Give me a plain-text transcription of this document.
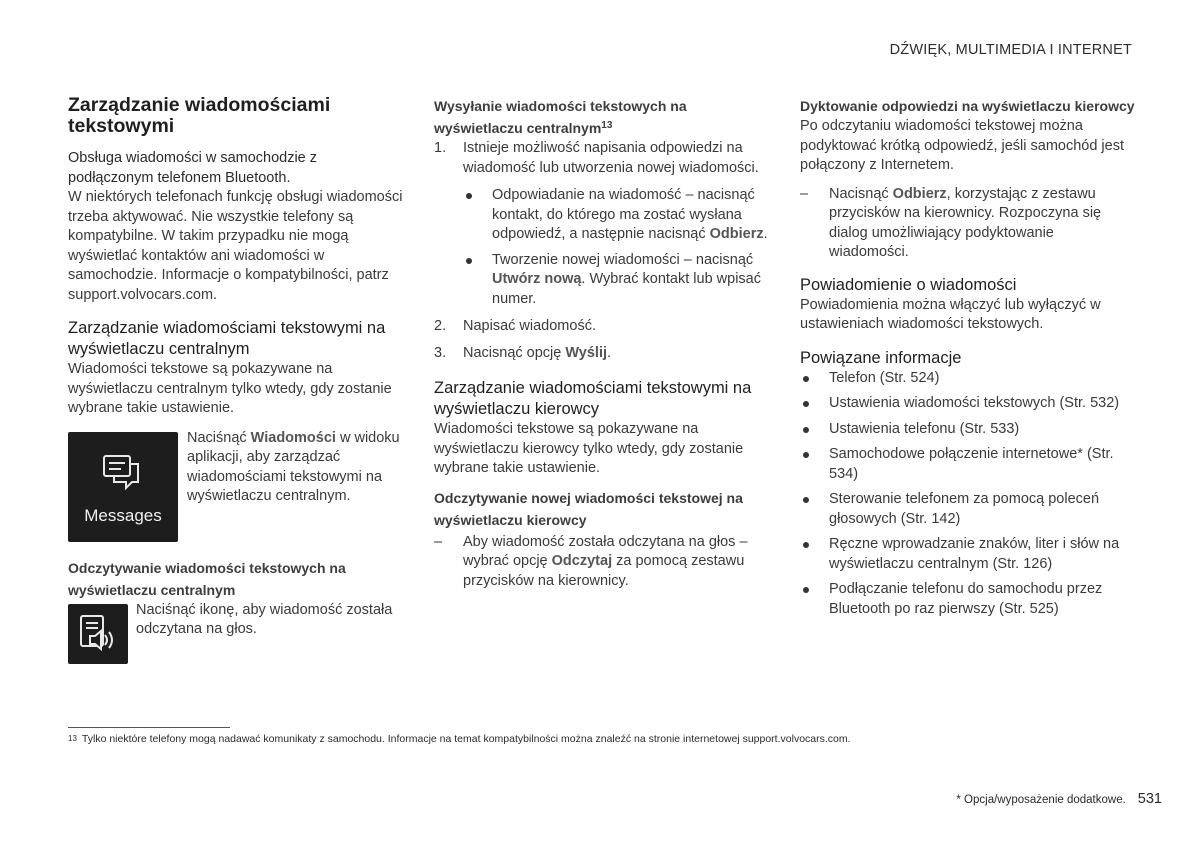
DŹWIĘK, MULTIMEDIA I INTERNET
Zarządzanie wiadomościami tekstowymi

Obsługa wiadomości w samochodzie z podłączonym telefonem Bluetooth.

W niektórych telefonach funkcję obsługi wiadomości trzeba aktywować. Nie wszystkie telefony są kompatybilne. W takim przypadku nie mogą wyświetlać kontaktów ani wiadomości w samochodzie. Informacje o kompatybilności, patrz support.volvocars.com.

Zarządzanie wiadomościami tekstowymi na wyświetlaczu centralnym

Wiadomości tekstowe są pokazywane na wyświetlaczu centralnym tylko wtedy, gdy zostanie wybrane takie ustawienie.

Messages

Naciśnąć Wiadomości w widoku aplikacji, aby zarządzać wiadomościami tekstowymi na wyświetlaczu centralnym.

Odczytywanie wiadomości tekstowych na wyświetlaczu centralnym

Naciśnąć ikonę, aby wiadomość została odczytana na głos.

Wysyłanie wiadomości tekstowych na wyświetlaczu centralnym$^{13}$
1. Istnieje możliwość napisania odpowiedzi na wiadomość lub utworzenia nowej wiadomości.
Odpowiadanie na wiadomość – nacisnąć kontakt, do którego ma zostać wysłana odpowiedź, a następnie nacisnąć Odbierz.
Tworzenie nowej wiadomości – nacisnąć Utwórz nową. Wybrać kontakt lub wpisać numer.
2. Napisać wiadomość.
3. Nacisnąć opcję Wyślij.
Zarządzanie wiadomościami tekstowymi na wyświetlaczu kierowcy

Wiadomości tekstowe są pokazywane na wyświetlaczu kierowcy tylko wtedy, gdy zostanie wybrane takie ustawienie.

Odczytywanie nowej wiadomości tekstowej na wyświetlaczu kierowcy
– Aby wiadomość została odczytana na głos – wybrać opcję Odczytaj za pomocą zestawu przycisków na kierownicy.
Dyktowanie odpowiedzi na wyświetlaczu kierowcy

Po odczytaniu wiadomości tekstowej można podyktować krótką odpowiedź, jeśli samochód jest połączony z Internetem.

– Nacisnąć Odbierz, korzystając z zestawu przycisków na kierownicy. Rozpoczyna się dialog umożliwiający podyktowanie wiadomości.
Powiadomienie o wiadomości

Powiadomienia można włączyć lub wyłączyć w ustawieniach wiadomości tekstowych.

Powiązane informacje
Telefon (Str. 524)
Ustawienia wiadomości tekstowych (Str. 532)
Ustawienia telefonu (Str. 533)
Samochodowe połączenie internetowe* (Str. 534)
Sterowanie telefonem za pomocą poleceń głosowych (Str. 142)
Ręczne wprowadzanie znaków, liter i słów na wyświetlaczu centralnym (Str. 126)
Podłączanie telefonu do samochodu przez Bluetooth po raz pierwszy (Str. 525)
$^{13}$ Tylko niektóre telefony mogą nadawać komunikaty z samochodu. Informacje na temat kompatybilności można znaleźć na stronie internetowej support.volvocars.com.
* Opcja/wyposażenie dodatkowe. 531
